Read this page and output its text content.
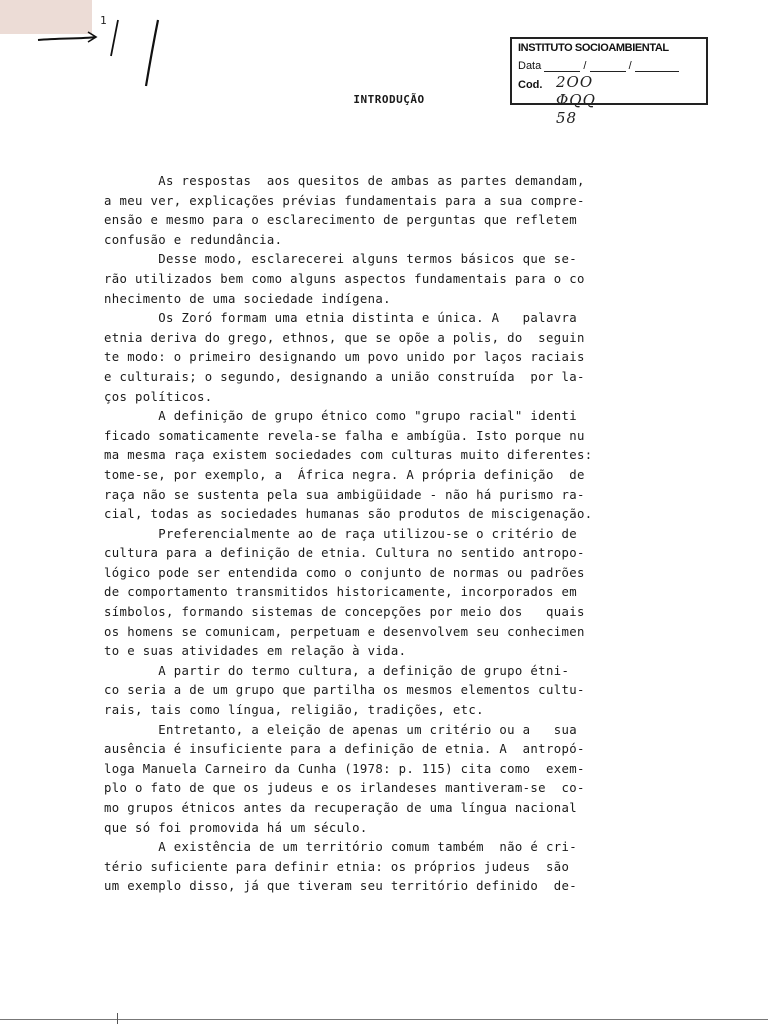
1
INSTITUTO SOCIOAMBIENTAL
Data	/	/
Cod. 2OO ΦQQ 58
INTRODUÇÃO
As respostas  aos quesitos de ambas as partes demandam,
a meu ver, explicações prévias fundamentais para a sua compre-
ensão e mesmo para o esclarecimento de perguntas que refletem
confusão e redundância.
Desse modo, esclarecerei alguns termos básicos que se-
rão utilizados bem como alguns aspectos fundamentais para o co
nhecimento de uma sociedade indígena.
Os Zoró formam uma etnia distinta e única. A   palavra
etnia deriva do grego, ethnos, que se opõe a polis, do  seguin
te modo: o primeiro designando um povo unido por laços raciais
e culturais; o segundo, designando a união construída  por la-
ços políticos.
A definição de grupo étnico como "grupo racial" identi
ficado somaticamente revela-se falha e ambígüa. Isto porque nu
ma mesma raça existem sociedades com culturas muito diferentes:
tome-se, por exemplo, a  África negra. A própria definição  de
raça não se sustenta pela sua ambigüidade - não há purismo ra-
cial, todas as sociedades humanas são produtos de miscigenação.
Preferencialmente ao de raça utilizou-se o critério de
cultura para a definição de etnia. Cultura no sentido antropo-
lógico pode ser entendida como o conjunto de normas ou padrões
de comportamento transmitidos historicamente, incorporados em
símbolos, formando sistemas de concepções por meio dos   quais
os homens se comunicam, perpetuam e desenvolvem seu conhecimen
to e suas atividades em relação à vida.
A partir do termo cultura, a definição de grupo étni-
co seria a de um grupo que partilha os mesmos elementos cultu-
rais, tais como língua, religião, tradições, etc.
Entretanto, a eleição de apenas um critério ou a   sua
ausência é insuficiente para a definição de etnia. A  antropó-
loga Manuela Carneiro da Cunha (1978: p. 115) cita como  exem-
plo o fato de que os judeus e os irlandeses mantiveram-se  co-
mo grupos étnicos antes da recuperação de uma língua nacional
que só foi promovida há um século.
A existência de um território comum também  não é cri-
tério suficiente para definir etnia: os próprios judeus  são
um exemplo disso, já que tiveram seu território definido  de-
